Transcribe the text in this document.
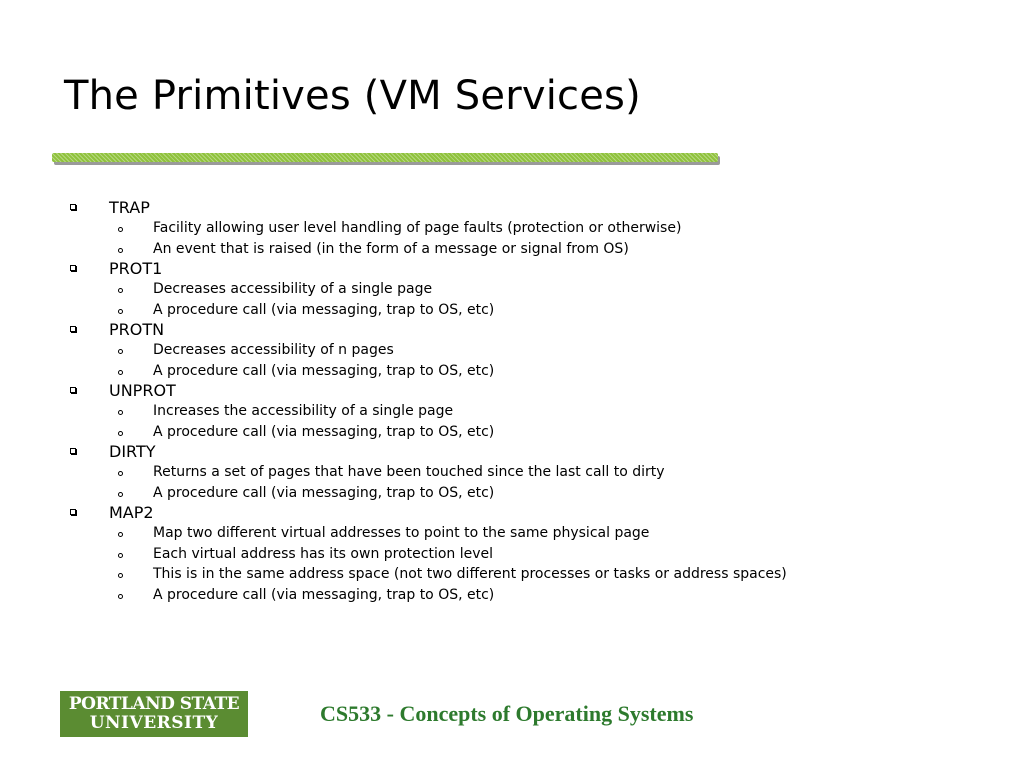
The Primitives (VM Services)
TRAP
Facility allowing user level handling of page faults (protection or otherwise)
An event that is raised (in the form of a message or signal from OS)
PROT1
Decreases accessibility of a single page
A procedure call (via messaging, trap to OS, etc)
PROTN
Decreases accessibility of n pages
A procedure call (via messaging, trap to OS, etc)
UNPROT
Increases the accessibility of a single page
A procedure call (via messaging, trap to OS, etc)
DIRTY
Returns a set of pages that have been touched since the last call to dirty
A procedure call (via messaging, trap to OS, etc)
MAP2
Map two different virtual addresses to point to the same physical page
Each virtual address has its own protection level
This is in the same address space (not two different processes or tasks or address spaces)
A procedure call (via messaging, trap to OS, etc)
PORTLAND STATE
UNIVERSITY	CS533 - Concepts of Operating Systems
